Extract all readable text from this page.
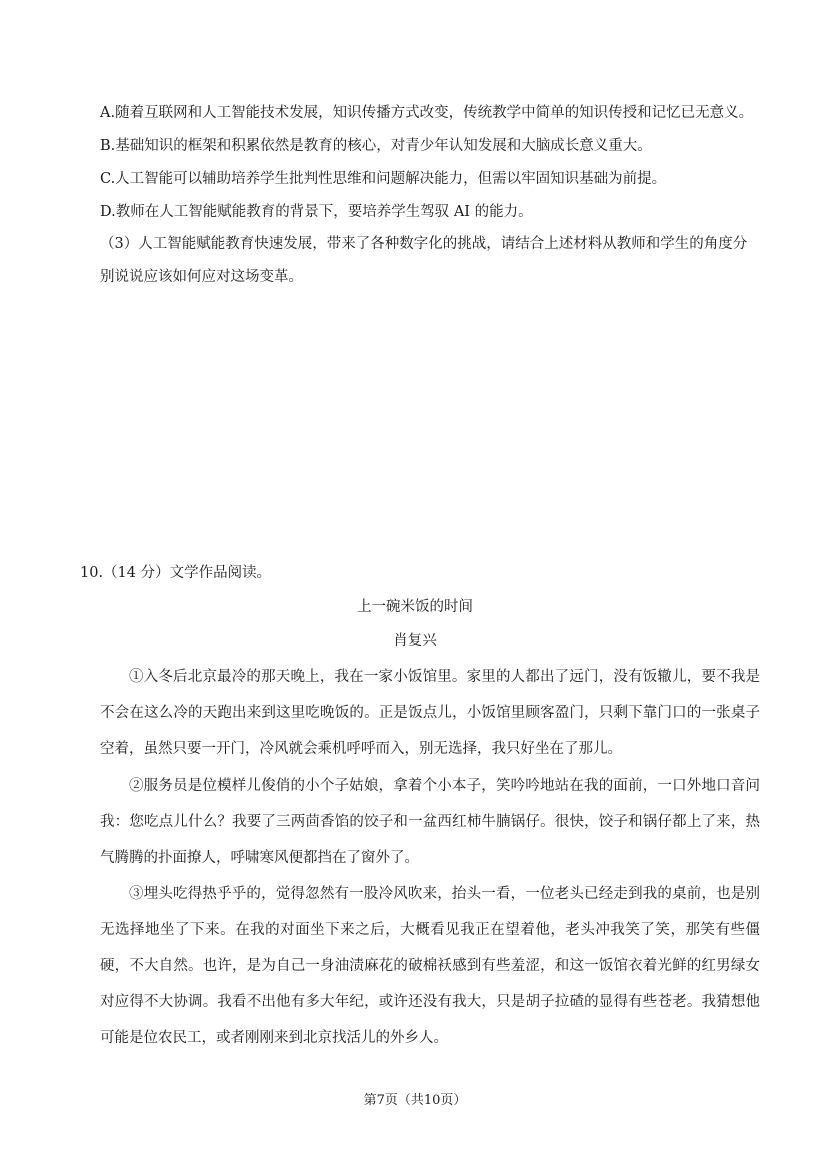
A.随着互联网和人工智能技术发展，知识传播方式改变，传统教学中简单的知识传授和记忆已无意义。
B.基础知识的框架和积累依然是教育的核心，对青少年认知发展和大脑成长意义重大。
C.人工智能可以辅助培养学生批判性思维和问题解决能力，但需以牢固知识基础为前提。
D.教师在人工智能赋能教育的背景下，要培养学生驾驭 AI 的能力。
（3）人工智能赋能教育快速发展，带来了各种数字化的挑战，请结合上述材料从教师和学生的角度分别说说应该如何应对这场变革。
10.（14 分）文学作品阅读。
上一碗米饭的时间
肖复兴
①入冬后北京最冷的那天晚上，我在一家小饭馆里。家里的人都出了远门，没有饭辙儿，要不我是不会在这么冷的天跑出来到这里吃晚饭的。正是饭点儿，小饭馆里顾客盈门，只剩下靠门口的一张桌子空着，虽然只要一开门，冷风就会乘机呼呼而入，别无选择，我只好坐在了那儿。
②服务员是位模样儿俊俏的小个子姑娘，拿着个小本子，笑吟吟地站在我的面前，一口外地口音问我：您吃点儿什么？我要了三两茴香馅的饺子和一盆西红柿牛腩锅仔。很快，饺子和锅仔都上了来，热气腾腾的扑面撩人，呼啸寒风便都挡在了窗外了。
③埋头吃得热乎乎的，觉得忽然有一股冷风吹来，抬头一看，一位老头已经走到我的桌前，也是别无选择地坐了下来。在我的对面坐下来之后，大概看见我正在望着他，老头冲我笑了笑，那笑有些僵硬，不大自然。也许，是为自己一身油渍麻花的破棉袄感到有些羞涩，和这一饭馆衣着光鲜的红男绿女对应得不大协调。我看不出他有多大年纪，或许还没有我大，只是胡子拉碴的显得有些苍老。我猜想他可能是位农民工，或者刚刚来到北京找活儿的外乡人。
第7页（共10页）
